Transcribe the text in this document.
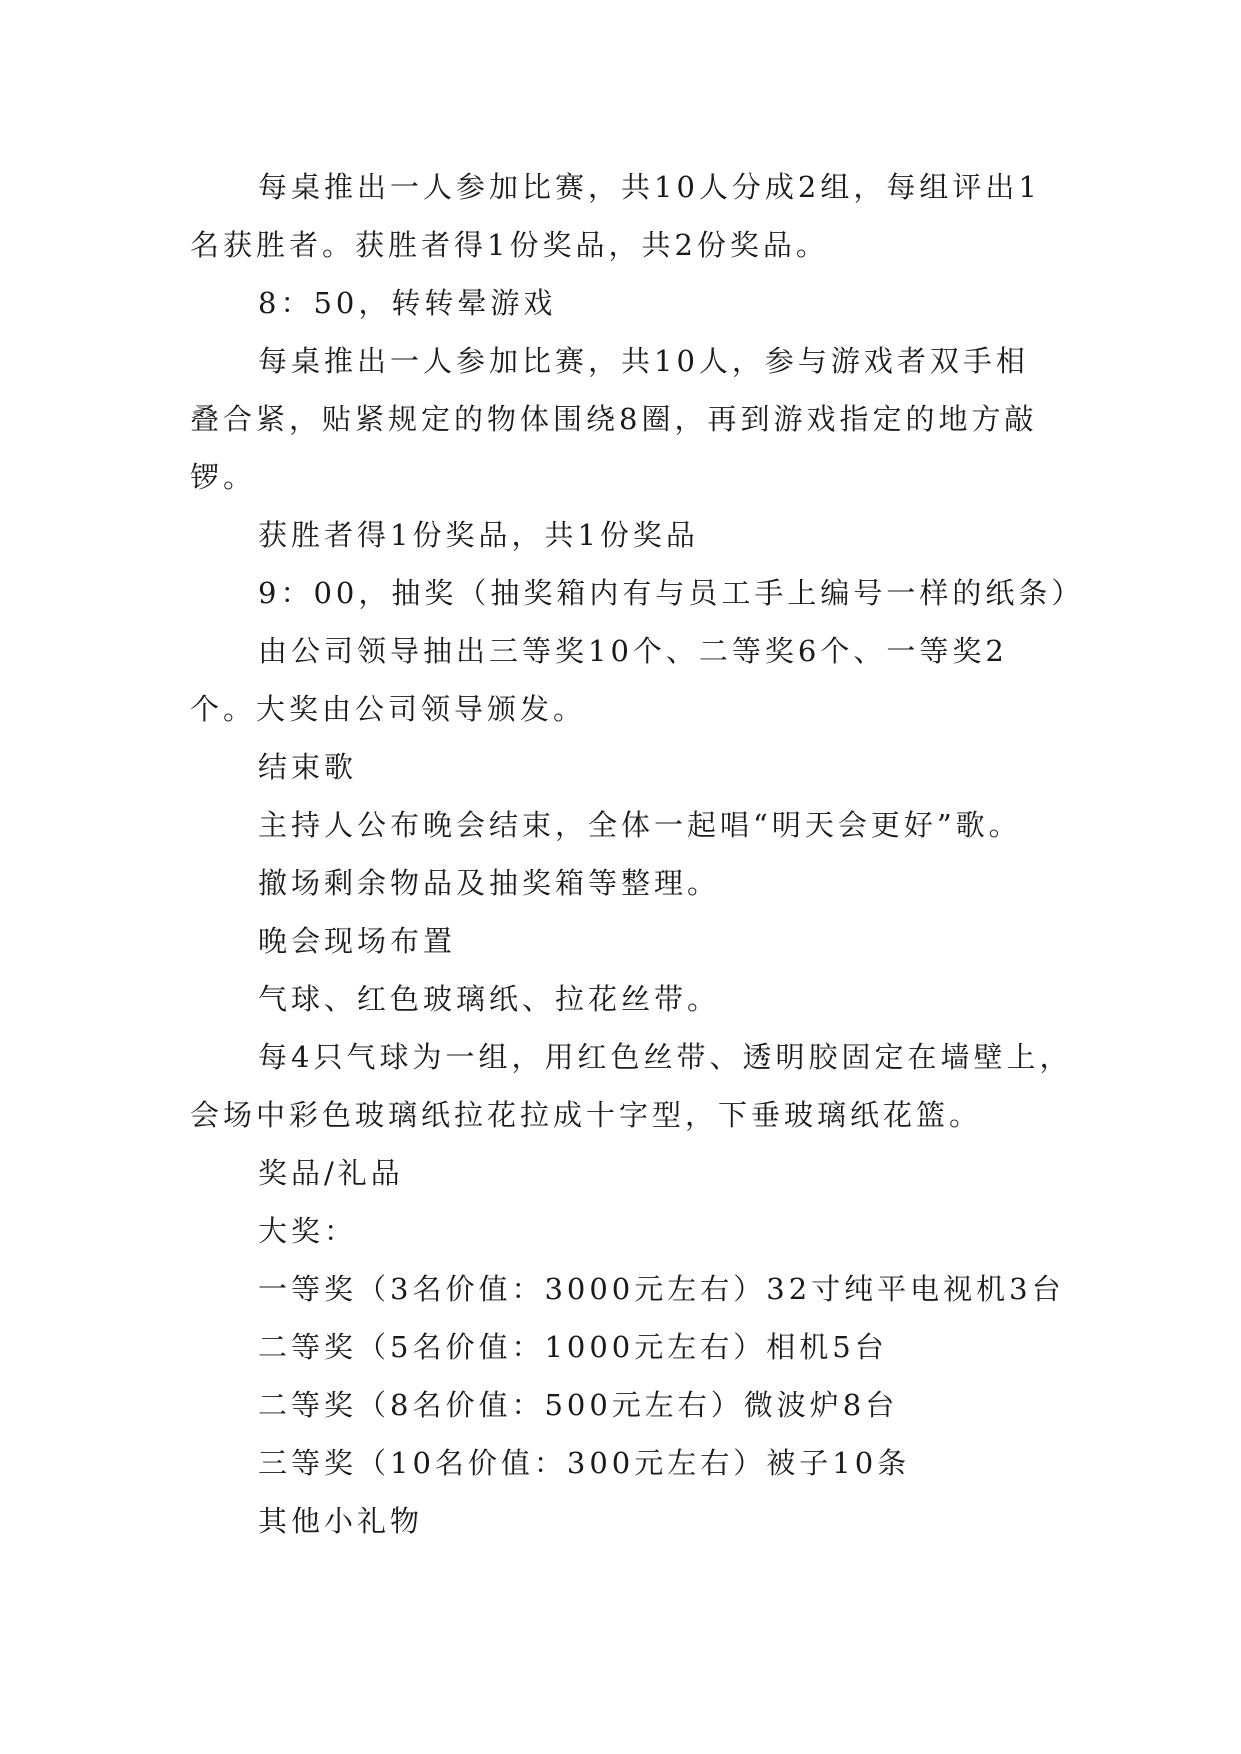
每桌推出一人参加比赛，共10人分成2组，每组评出1

名获胜者。获胜者得1份奖品，共2份奖品。

8：50，转转晕游戏

每桌推出一人参加比赛，共10人，参与游戏者双手相

叠合紧，贴紧规定的物体围绕8圈，再到游戏指定的地方敲

锣。

获胜者得1份奖品，共1份奖品

9：00，抽奖（抽奖箱内有与员工手上编号一样的纸条）

由公司领导抽出三等奖10个、二等奖6个、一等奖2

个。大奖由公司领导颁发。

结束歌

主持人公布晚会结束，全体一起唱“明天会更好”歌。

撤场剩余物品及抽奖箱等整理。

晚会现场布置

气球、红色玻璃纸、拉花丝带。

每4只气球为一组，用红色丝带、透明胶固定在墙壁上，

会场中彩色玻璃纸拉花拉成十字型，下垂玻璃纸花篮。

奖品/礼品

大奖：

一等奖（3名价值：3000元左右）32寸纯平电视机3台

二等奖（5名价值：1000元左右）相机5台

二等奖（8名价值：500元左右）微波炉8台

三等奖（10名价值：300元左右）被子10条

其他小礼物
